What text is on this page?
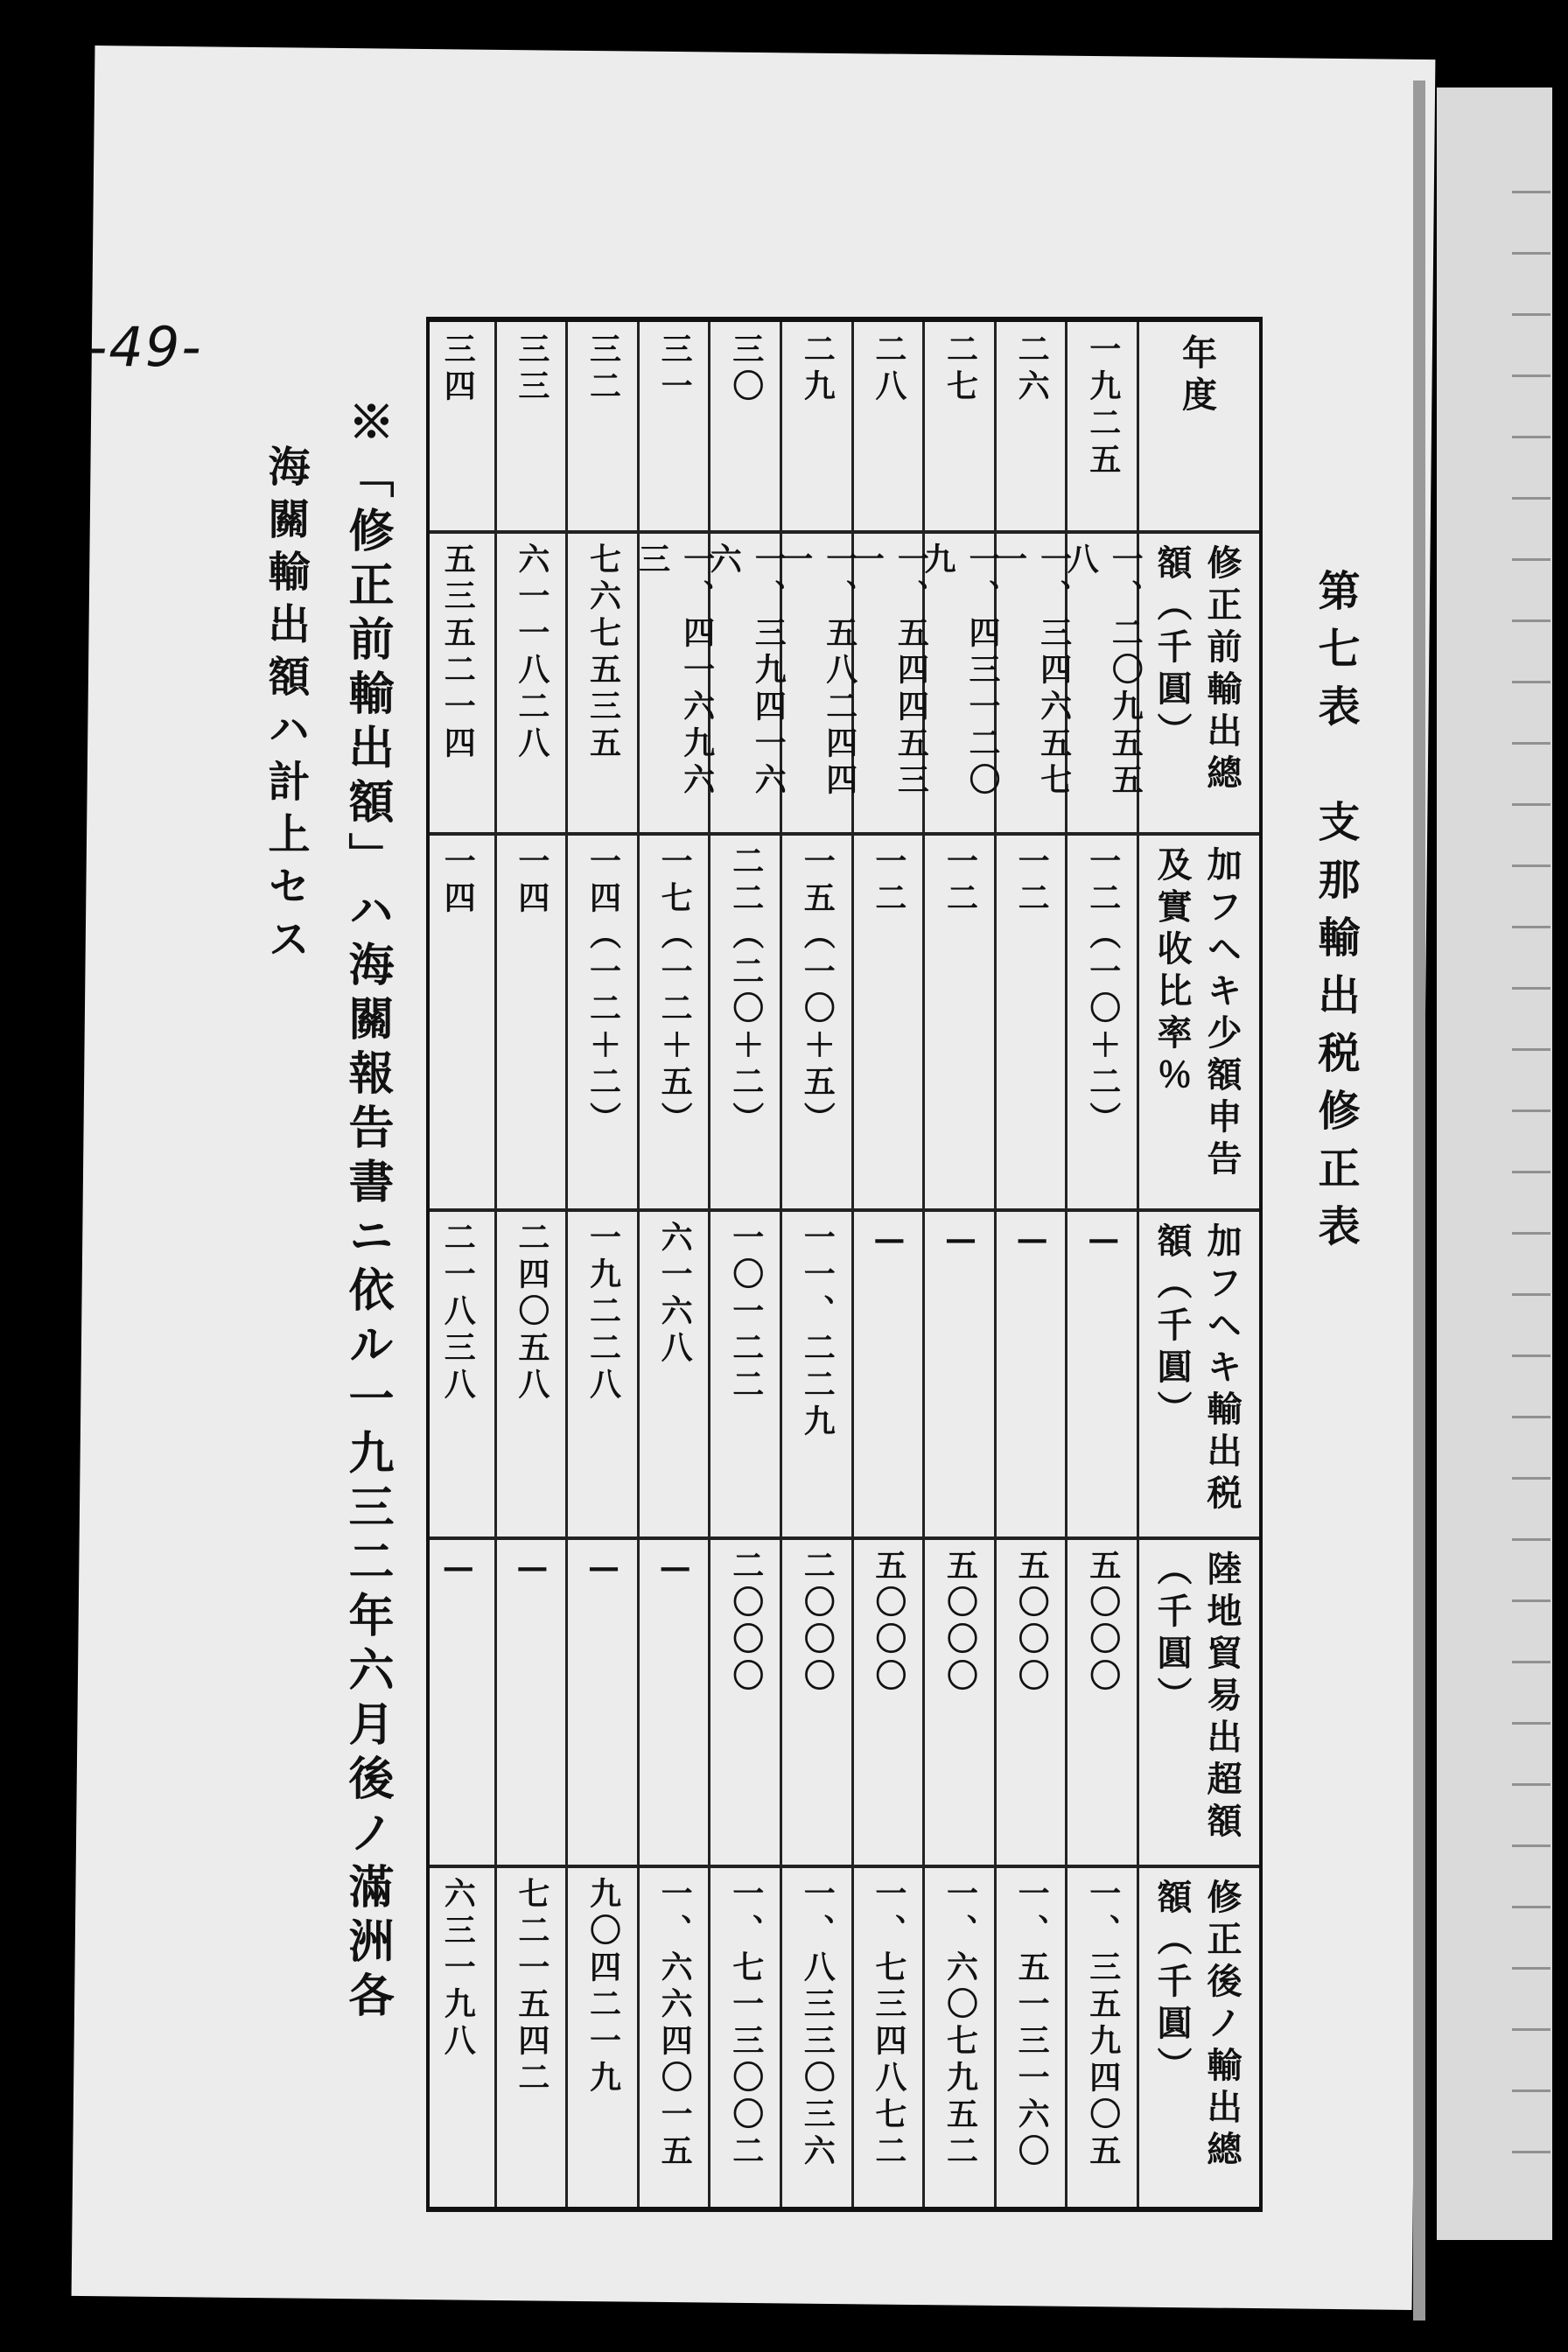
-49-
第七表　支那輸出税修正表
年度
修正前輸出總額（千圓）
加フヘキ少額申告及實收比率％
加フヘキ輸出税額（千圓）
陸地貿易出超額（千圓）
修正後ノ輸出總額（千圓）
一九二五
一、二〇九五五八
一二（一〇＋二）
—
五〇〇〇
一、三五九四〇五
二六
一、三四六五七一
一二
—
五〇〇〇
一、五一三一六〇
二七
一、四三一二〇九
一二
—
五〇〇〇
一、六〇七九五二
二八
一、五四四五三一
一二
—
五〇〇〇
一、七三四八七二
二九
一、五八二四四一
一五（一〇＋五）
一一、二二九
二〇〇〇
一、八三三〇三六
三〇
一、三九四一六六
二二（二〇＋二）
一〇一二二
二〇〇〇
一、七一三〇〇二
三一
一、四一六九六三
一七（一二＋五）
六一六八
—
一、六六四〇一五
三二
七六七五三五
一四（一二＋二）
一九二二八
—
九〇四二一九
三三
六一一八二八
一四
二四〇五八
—
七二一五四二
三四
五三五二一四
一四
二一八三八
—
六三一九八
※「修正前輸出額」ハ海關報告書ニ依ル一九三二年六月後ノ滿洲各
海關輸出額ハ計上セス
